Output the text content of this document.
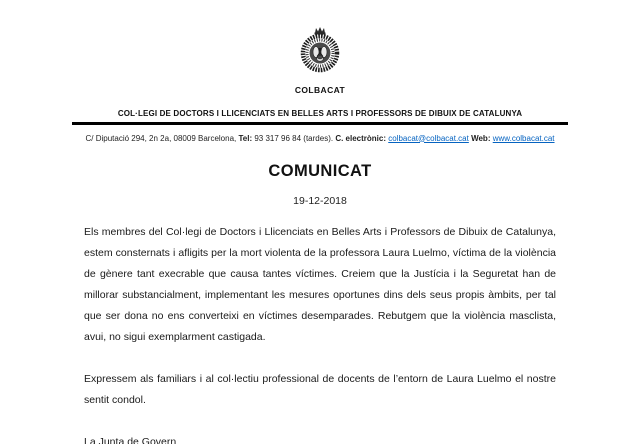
COLBACAT
COL·LEGI DE DOCTORS I LLICENCIATS EN BELLES ARTS I PROFESSORS DE DIBUIX DE CATALUNYA
C/ Diputació 294, 2n 2a, 08009 Barcelona, Tel: 93 317 96 84 (tardes). C. electrònic: colbacat@colbacat.cat Web: www.colbacat.cat
COMUNICAT
19-12-2018

Els membres del Col·legi de Doctors i Llicenciats en Belles Arts i Professors de Dibuix de Catalunya, estem consternats i afligits per la mort violenta de la professora Laura Luelmo, víctima de la violència de gènere tant execrable que causa tantes víctimes. Creiem que la Justícia i la Seguretat han de millorar substancialment, implementant les mesures oportunes dins dels seus propis àmbits, per tal que ser dona no ens converteixi en víctimes desemparades. Rebutgem que la violència masclista, avui, no sigui exemplarment castigada.

Expressem als familiars i al col·lectiu professional de docents de l’entorn de Laura Luelmo el nostre sentit condol.

La Junta de Govern
